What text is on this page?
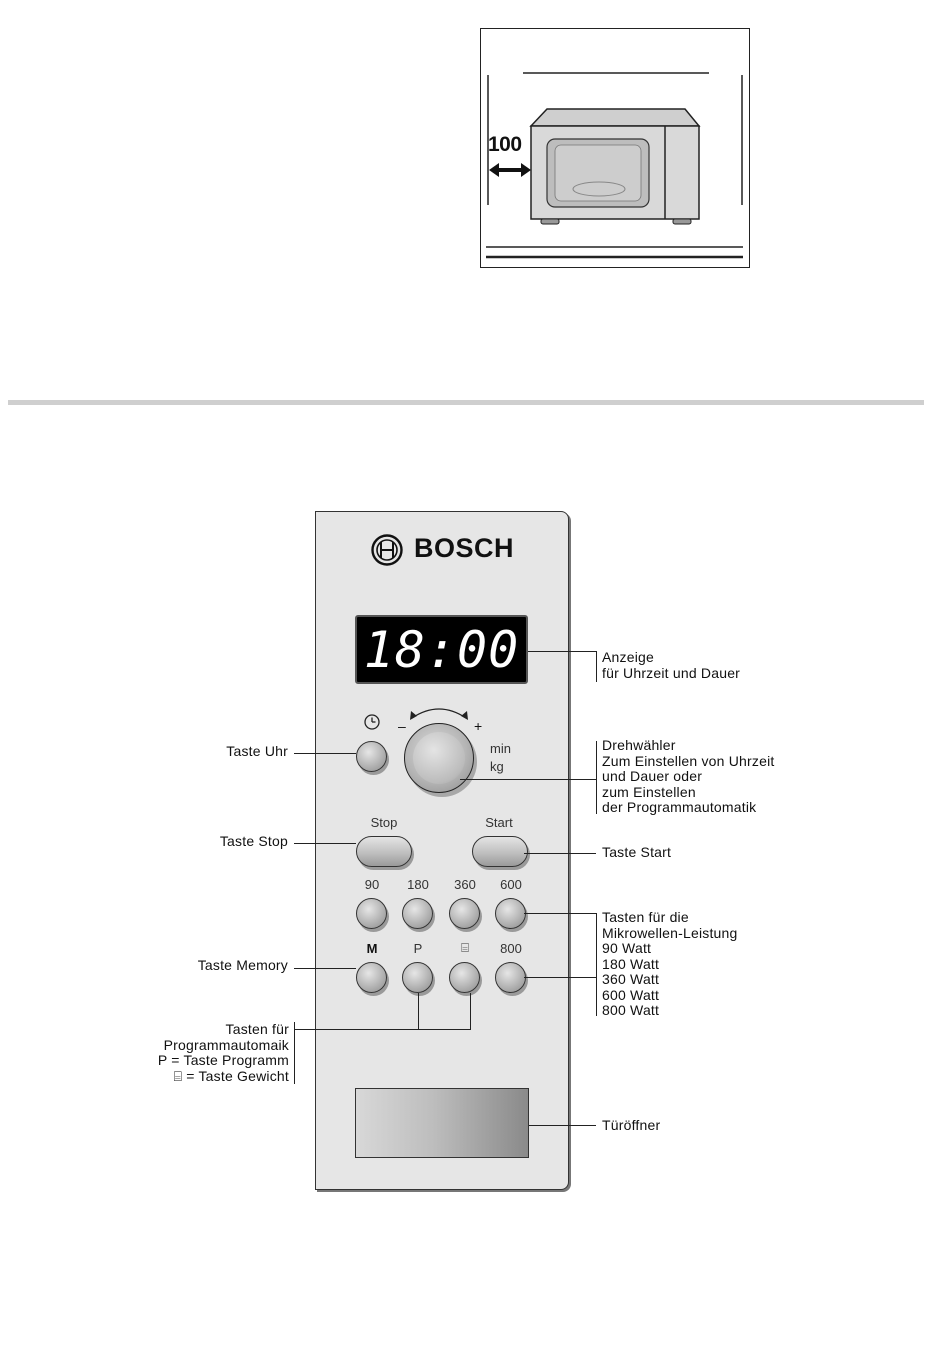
100
BOSCH
18:00
–	+
min
kg
Stop	Start
90	180	360	600
M	P	⌸	800
Anzeige
für Uhrzeit und Dauer
Drehwähler
Zum Einstellen von Uhrzeit
und Dauer oder
zum Einstellen
der Programmautomatik
Taste Start
Tasten für die
Mikrowellen-Leistung
90 Watt
180 Watt
360 Watt
600 Watt
800 Watt
Türöffner
Taste Uhr
Taste Stop
Taste Memory
Tasten für
Programmautomaik
P = Taste Programm
⌸ = Taste Gewicht
